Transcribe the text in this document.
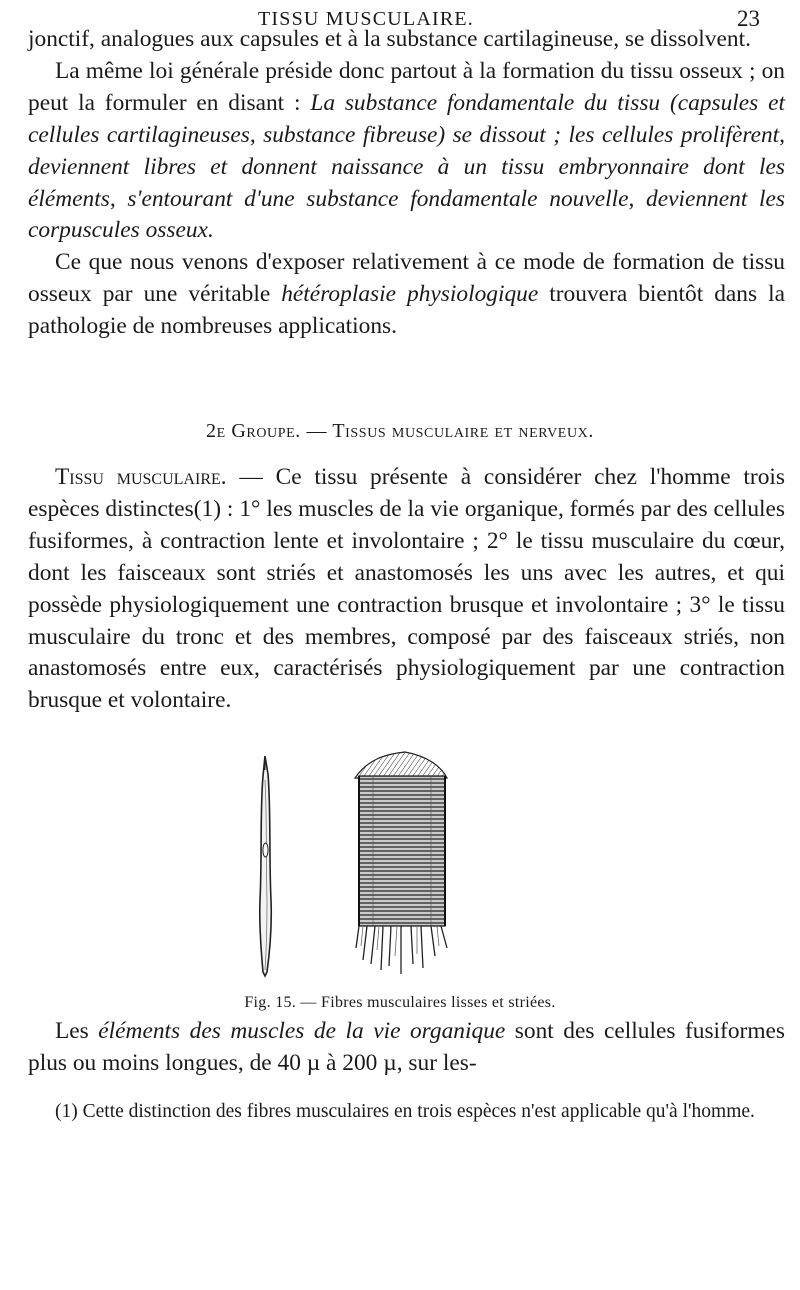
TISSU MUSCULAIRE.	23

jonctif, analogues aux capsules et à la substance cartilagineuse, se dissolvent.

La même loi générale préside donc partout à la formation du tissu osseux ; on peut la formuler en disant : La substance fondamentale du tissu (capsules et cellules cartilagineuses, substance fibreuse) se dissout ; les cellules prolifèrent, deviennent libres et donnent naissance à un tissu embryonnaire dont les éléments, s'entourant d'une substance fondamentale nouvelle, deviennent les corpuscules osseux.

Ce que nous venons d'exposer relativement à ce mode de formation de tissu osseux par une véritable hétéroplasie physiologique trouvera bientôt dans la pathologie de nombreuses applications.

2e Groupe. — Tissus musculaire et nerveux.

Tissu musculaire. — Ce tissu présente à considérer chez l'homme trois espèces distinctes(1) : 1° les muscles de la vie organique, formés par des cellules fusiformes, à contraction lente et involontaire ; 2° le tissu musculaire du cœur, dont les faisceaux sont striés et anastomosés les uns avec les autres, et qui possède physiologiquement une contraction brusque et involontaire ; 3° le tissu musculaire du tronc et des membres, composé par des faisceaux striés, non anastomosés entre eux, caractérisés physiologiquement par une contraction brusque et volontaire.

Fig. 15. — Fibres musculaires lisses et striées.

Les éléments des muscles de la vie organique sont des cellules fusiformes plus ou moins longues, de 40 µ à 200 µ, sur les-

(1) Cette distinction des fibres musculaires en trois espèces n'est applicable qu'à l'homme.
